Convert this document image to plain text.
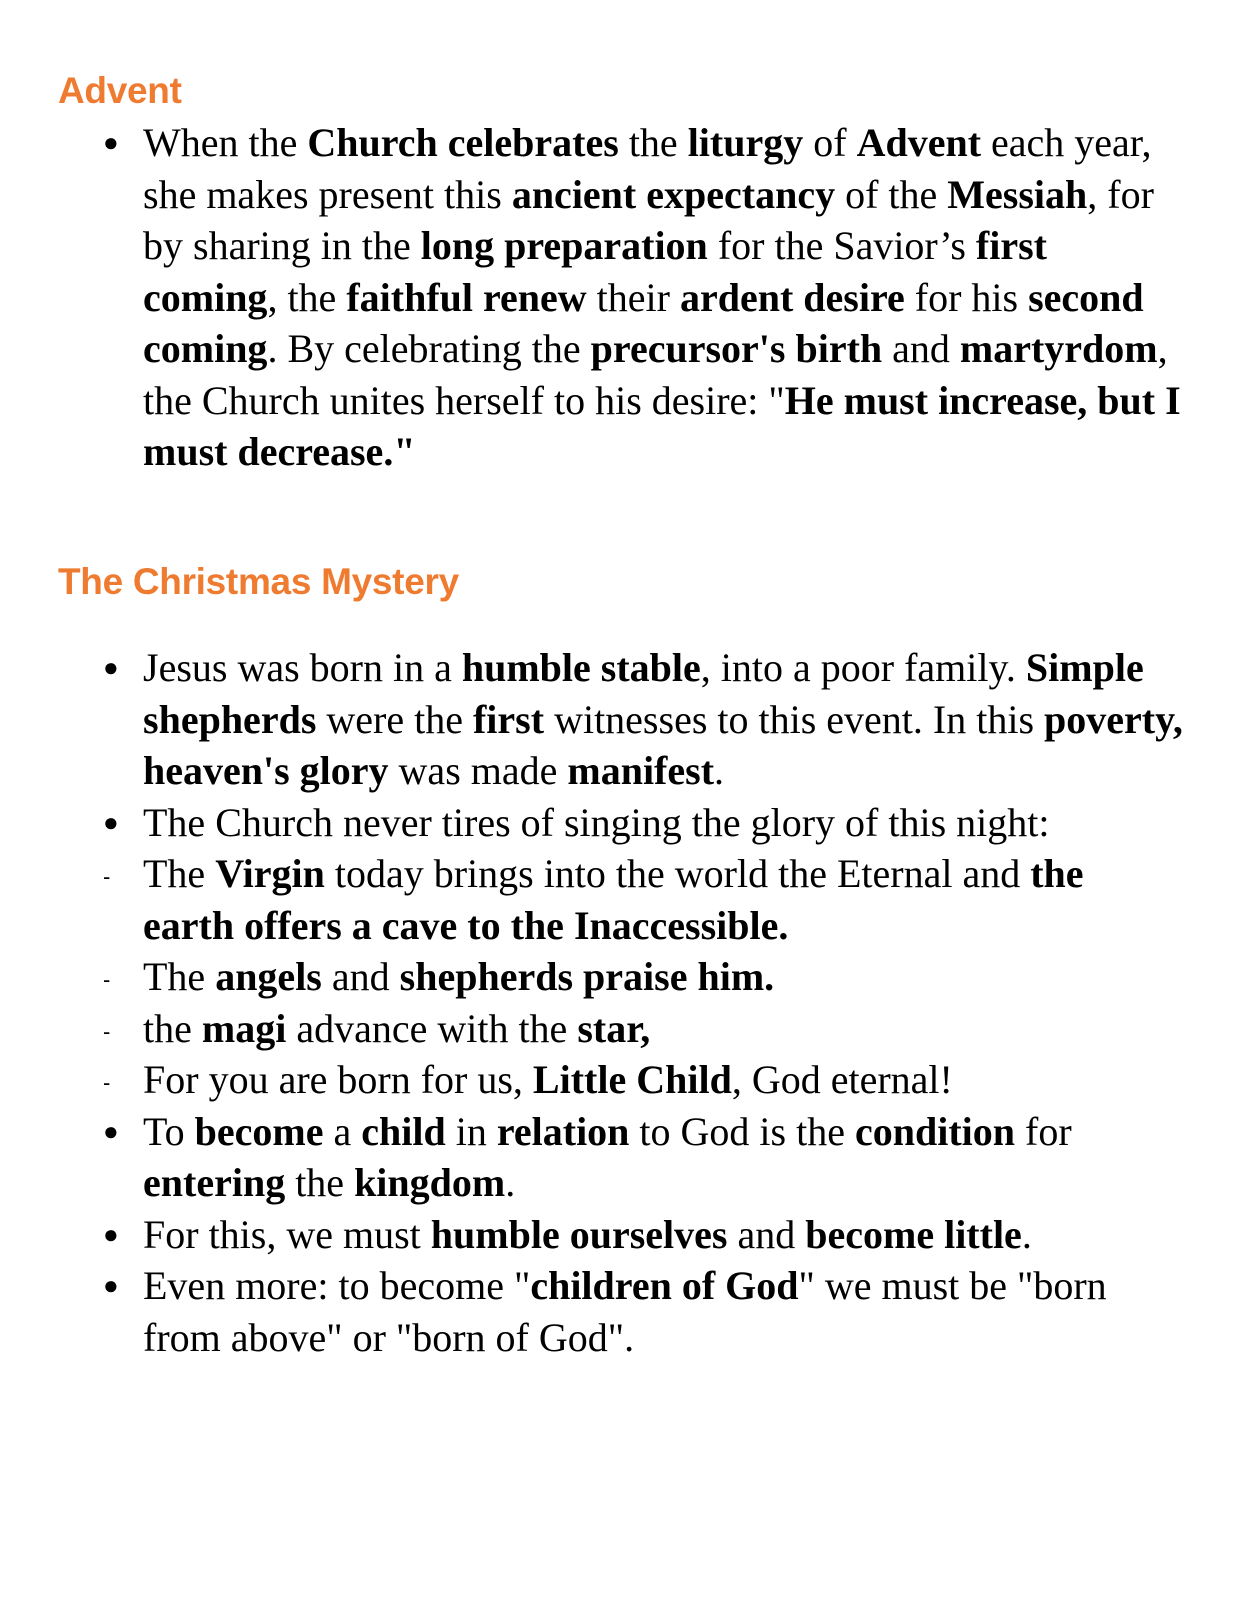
Advent
●
When the Church celebrates the liturgy of Advent each year, she makes present this ancient expectancy of the Messiah, for by sharing in the long preparation for the Savior’s first coming, the faithful renew their ardent desire for his second coming. By celebrating the precursor's birth and martyrdom, the Church unites herself to his desire: "He must increase, but I must decrease."
The Christmas Mystery
●
Jesus was born in a humble stable, into a poor family. Simple shepherds were the first witnesses to this event. In this poverty, heaven's glory was made manifest.
●
The Church never tires of singing the glory of this night:
-
The Virgin today brings into the world the Eternal and the earth offers a cave to the Inaccessible.
-
The angels and shepherds praise him.
-
the magi advance with the star,
-
For you are born for us, Little Child, God eternal!
●
To become a child in relation to God is the condition for entering the kingdom.
●
For this, we must humble ourselves and become little.
●
Even more: to become "children of God" we must be "born from above" or "born of God".
